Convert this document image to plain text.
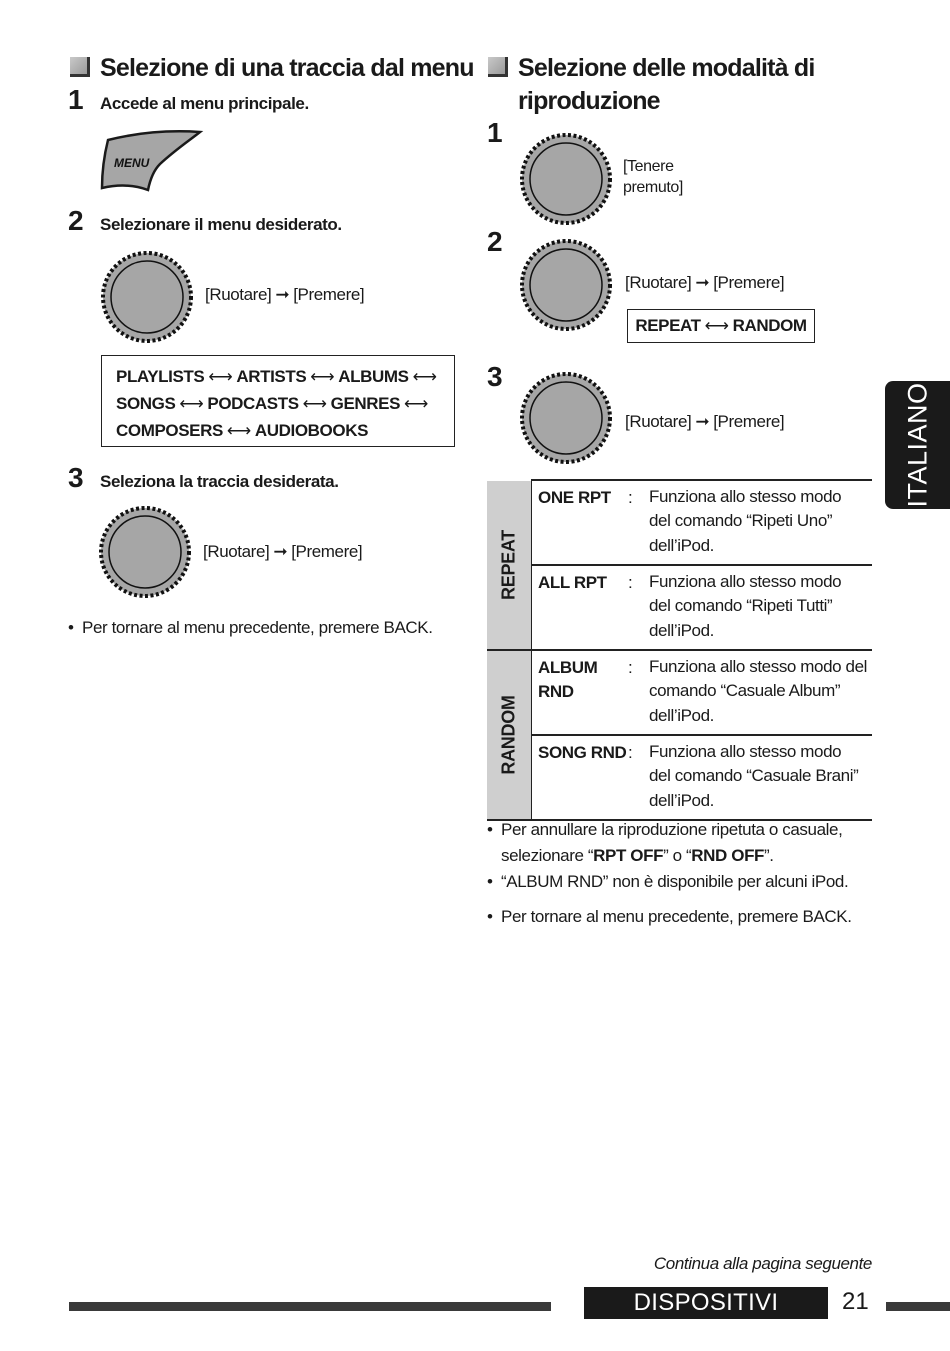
Selezione di una traccia dal menu
1 Accede al menu principale.
MENU
2 Selezionare il menu desiderato.
[Ruotare] ➞ [Premere]
PLAYLISTS ⟷ ARTISTS ⟷ ALBUMS ⟷
SONGS ⟷ PODCASTS ⟷ GENRES ⟷
COMPOSERS ⟷ AUDIOBOOKS
3 Seleziona la traccia desiderata.
[Ruotare] ➞ [Premere]
• Per tornare al menu precedente, premere BACK.
Selezione delle modalità di
riproduzione
1
[Tenere
premuto]
2
[Ruotare] ➞ [Premere]
REPEAT ⟷ RANDOM
3
[Ruotare] ➞ [Premere]
REPEAT
ONE RPT	: Funziona allo stesso modo
del comando “Ripeti Uno”
dell’iPod.
ALL RPT	: Funziona allo stesso modo
del comando “Ripeti Tutti”
dell’iPod.
RANDOM
ALBUM
RND
: Funziona allo stesso modo del
comando “Casuale Album”
dell’iPod.
SONG RND : Funziona allo stesso modo
del comando “Casuale Brani”
dell’iPod.
• Per annullare la riproduzione ripetuta o casuale,
selezionare “RPT OFF” o “RND OFF”.
• “ALBUM RND” non è disponibile per alcuni iPod.
• Per tornare al menu precedente, premere BACK.
ITALIANO
Continua alla pagina seguente
DISPOSITIVI ESTERNI
21
